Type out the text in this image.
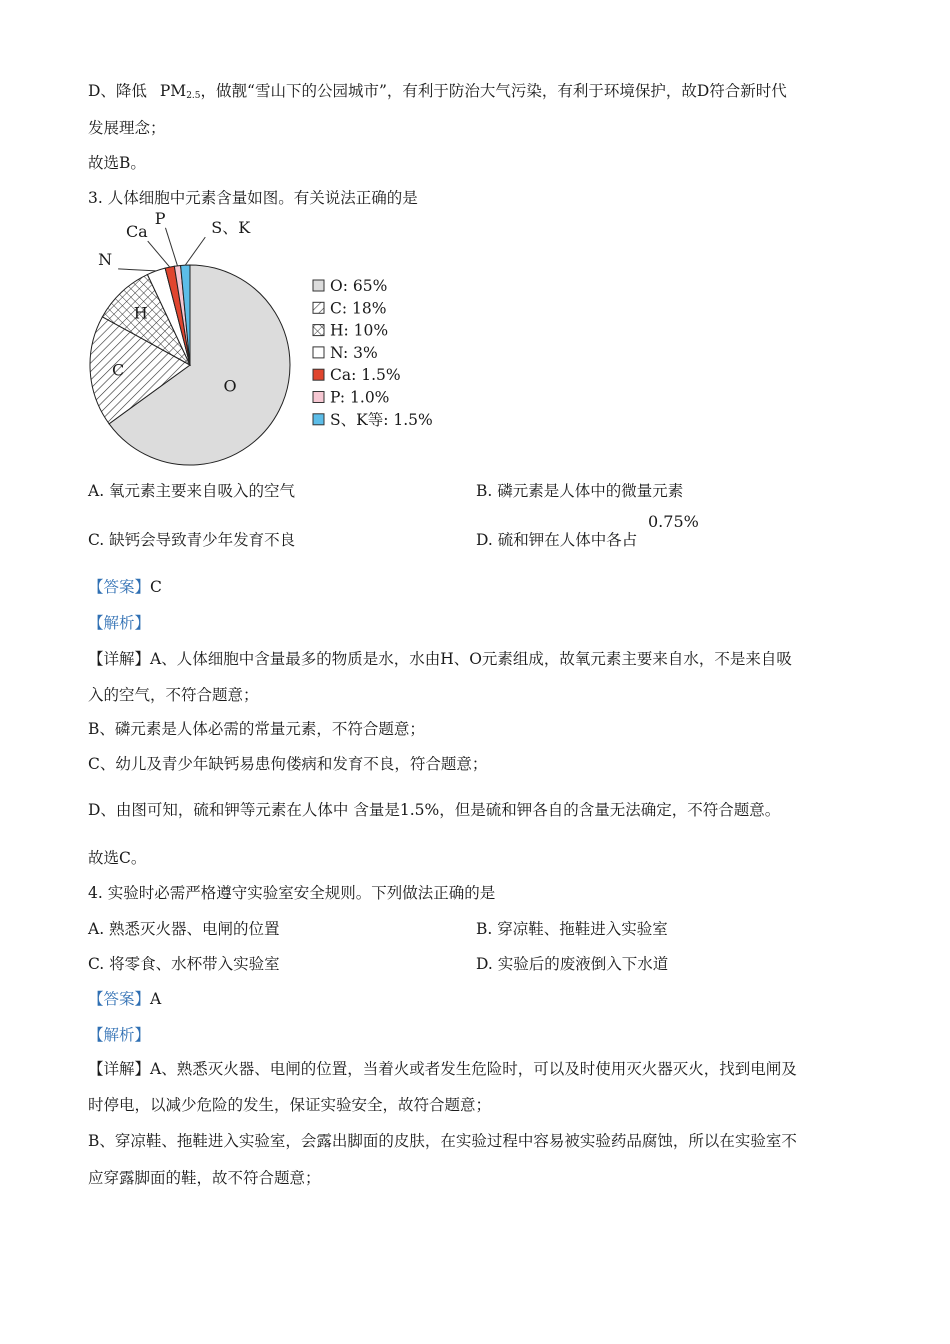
D、降低 $PM_{2.5}$，做靓“雪山下的公园城市”，有利于防治大气污染，有利于环境保护，故D符合新时代
发展理念；
故选B。
3. 人体细胞中元素含量如图。有关说法正确的是
O
C
H
N
Ca
P	S、K
O: 65%
C: 18%
H: 10%
N: 3%
Ca: 1.5%
P: 1.0%
S、K等: 1.5%
A. 氧元素主要来自吸入的空气	B. 磷元素是人体中的微量元素
C. 缺钙会导致青少年发育不良	D. 硫和钾在人体中各占
0.75%
【答案】C
【解析】
【详解】A、人体细胞中含量最多的物质是水，水由H、O元素组成，故氧元素主要来自水，不是来自吸
入的空气，不符合题意；
B、磷元素是人体必需的常量元素，不符合题意；
C、幼儿及青少年缺钙易患佝偻病和发育不良，符合题意；
D、由图可知，硫和钾等元素在人体中 含量是1.5%，但是硫和钾各自的含量无法确定，不符合题意。
故选C。
4. 实验时必需严格遵守实验室安全规则。下列做法正确的是
A. 熟悉灭火器、电闸的位置	B. 穿凉鞋、拖鞋进入实验室
C. 将零食、水杯带入实验室	D. 实验后的废液倒入下水道
【答案】A
【解析】
【详解】A、熟悉灭火器、电闸的位置，当着火或者发生危险时，可以及时使用灭火器灭火，找到电闸及
时停电，以减少危险的发生，保证实验安全，故符合题意；
B、穿凉鞋、拖鞋进入实验室，会露出脚面的皮肤，在实验过程中容易被实验药品腐蚀，所以在实验室不
应穿露脚面的鞋，故不符合题意；
